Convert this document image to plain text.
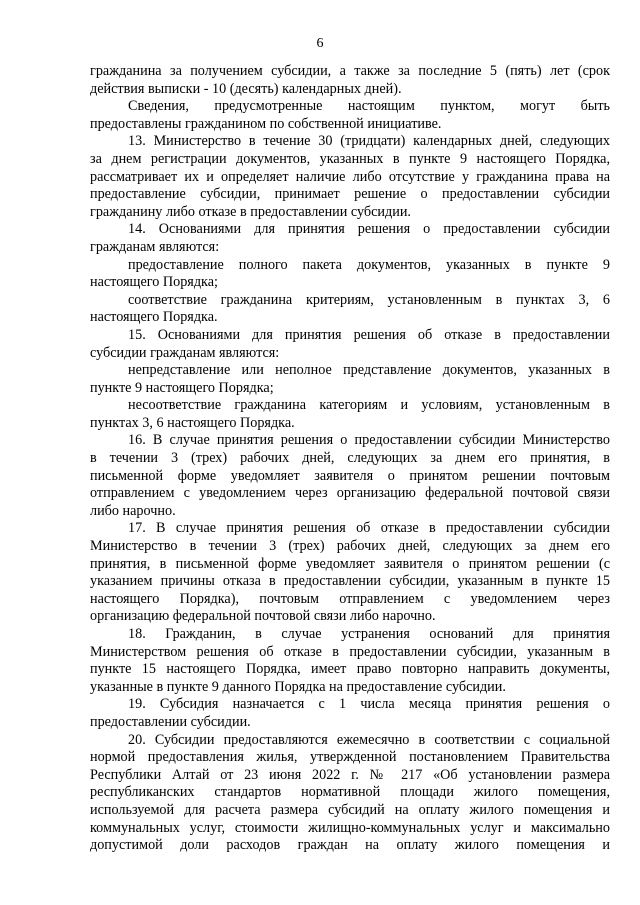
6

гражданина за получением субсидии, а также за последние 5 (пять) лет (срок
действия выписки - 10 (десять) календарных дней).

Сведения, предусмотренные настоящим пунктом, могут быть
предоставлены гражданином по собственной инициативе.

13. Министерство в течение 30 (тридцати) календарных дней, следующих
за днем регистрации документов, указанных в пункте 9 настоящего Порядка,
рассматривает их и определяет наличие либо отсутствие у гражданина права на
предоставление субсидии, принимает решение о предоставлении субсидии
гражданину либо отказе в предоставлении субсидии.

14. Основаниями для принятия решения о предоставлении субсидии
гражданам являются:

предоставление полного пакета документов, указанных в пункте 9
настоящего Порядка;

соответствие гражданина критериям, установленным в пунктах 3, 6
настоящего Порядка.

15. Основаниями для принятия решения об отказе в предоставлении
субсидии гражданам являются:

непредставление или неполное представление документов, указанных в
пункте 9 настоящего Порядка;

несоответствие гражданина категориям и условиям, установленным в
пунктах 3, 6 настоящего Порядка.

16. В случае принятия решения о предоставлении субсидии Министерство
в течении 3 (трех) рабочих дней, следующих за днем его принятия, в
письменной форме уведомляет заявителя о принятом решении почтовым
отправлением с уведомлением через организацию федеральной почтовой связи
либо нарочно.

17. В случае принятия решения об отказе в предоставлении субсидии
Министерство в течении 3 (трех) рабочих дней, следующих за днем его
принятия, в письменной форме уведомляет заявителя о принятом решении (с
указанием причины отказа в предоставлении субсидии, указанным в пункте 15
настоящего Порядка), почтовым отправлением с уведомлением через
организацию федеральной почтовой связи либо нарочно.

18. Гражданин, в случае устранения оснований для принятия
Министерством решения об отказе в предоставлении субсидии, указанным в
пункте 15 настоящего Порядка, имеет право повторно направить документы,
указанные в пункте 9 данного Порядка на предоставление субсидии.

19. Субсидия назначается с 1 числа месяца принятия решения о
предоставлении субсидии.

20. Субсидии предоставляются ежемесячно в соответствии с социальной
нормой предоставления жилья, утвержденной постановлением Правительства
Республики Алтай от 23 июня 2022 г. № 217 «Об установлении размера
республиканских стандартов нормативной площади жилого помещения,
используемой для расчета размера субсидий на оплату жилого помещения и
коммунальных услуг, стоимости жилищно-коммунальных услуг и максимально
допустимой доли расходов граждан на оплату жилого помещения и
